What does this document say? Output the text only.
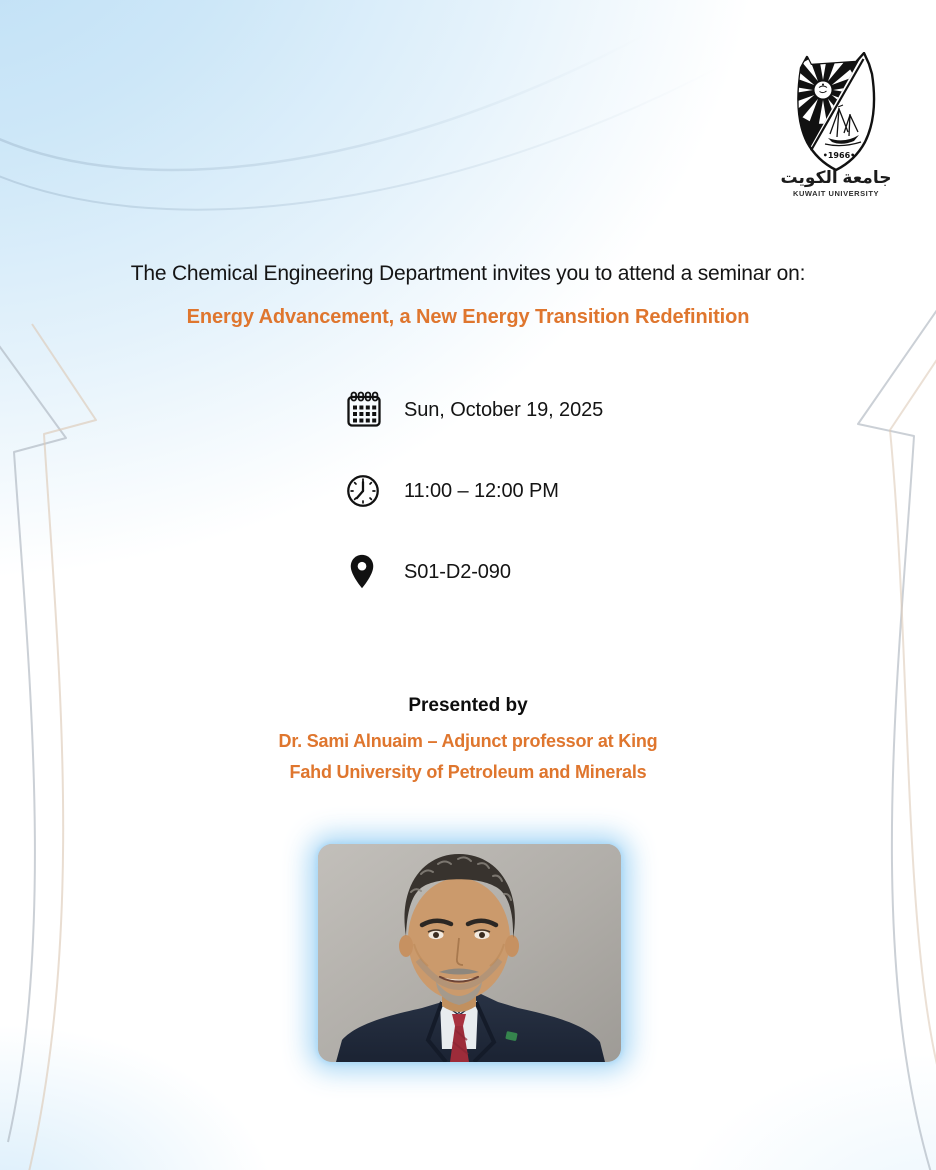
•1966•
جامعة الكويت
KUWAIT UNIVERSITY
The Chemical Engineering Department invites you to attend a seminar on:
Energy Advancement, a New Energy Transition Redefinition
Sun, October 19, 2025
11:00 – 12:00 PM
S01-D2-090
Presented by
Dr. Sami Alnuaim – Adjunct professor at King
Fahd University of Petroleum and Minerals
